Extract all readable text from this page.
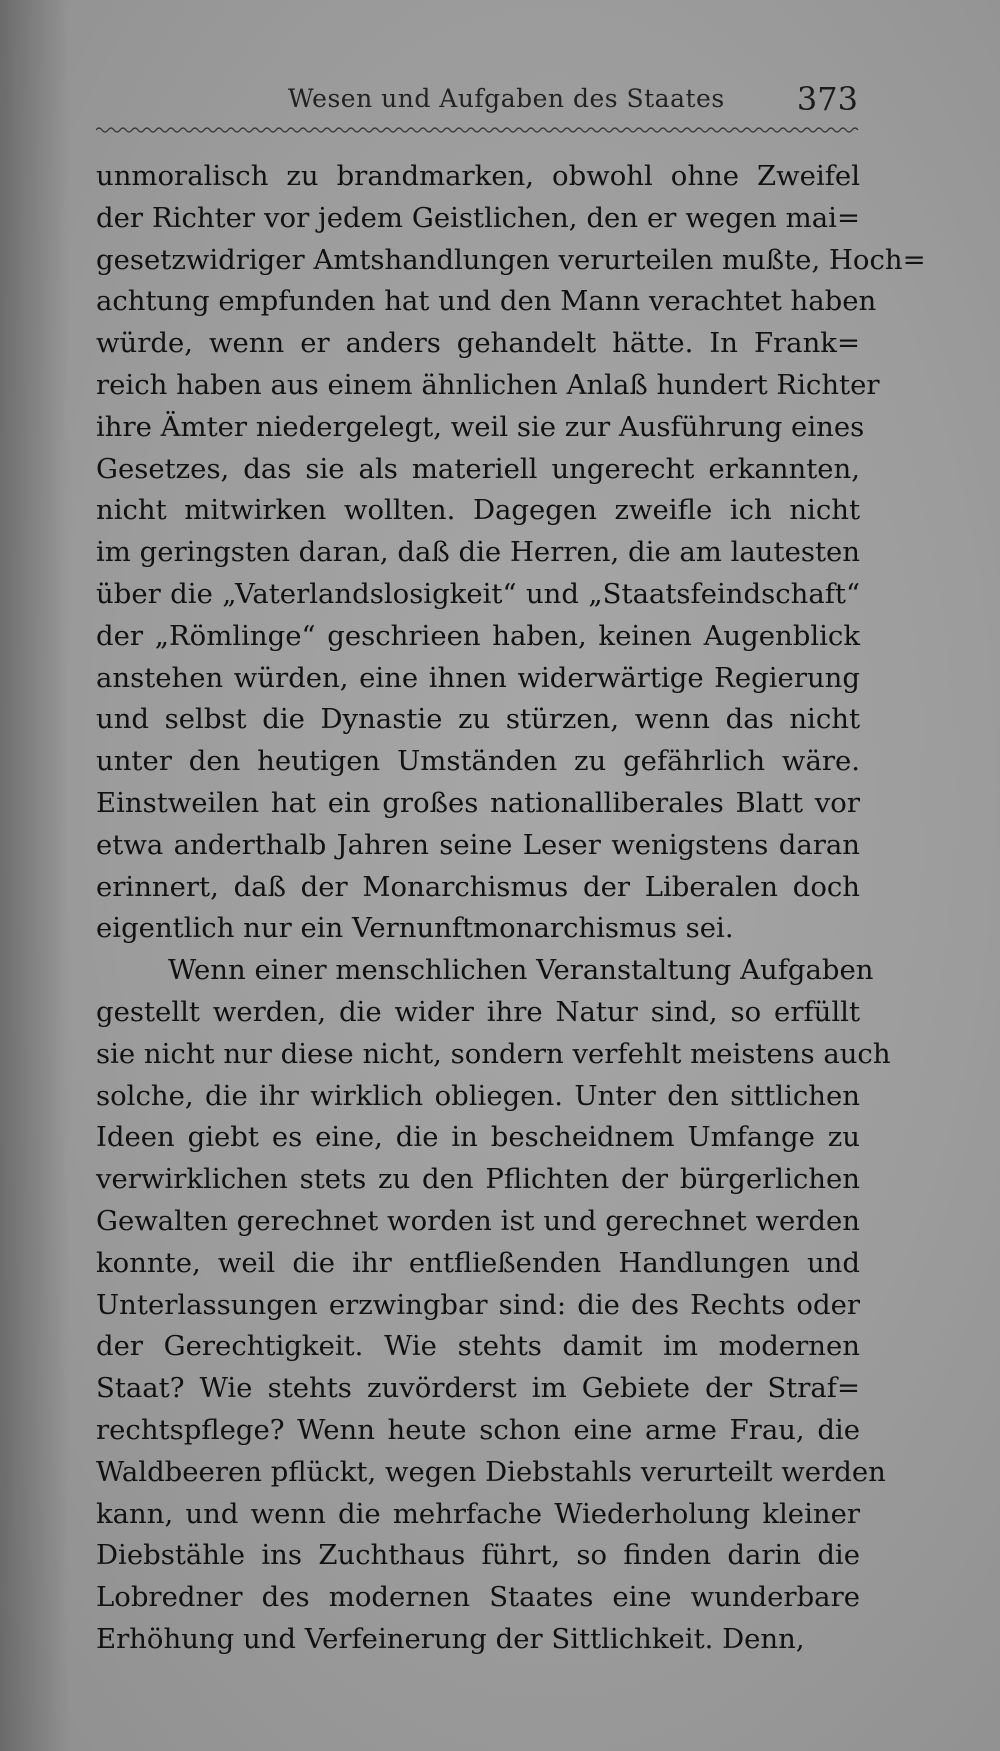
Wesen und Aufgaben des Staates 373
unmoralisch zu brandmarken, obwohl ohne Zweifel
der Richter vor jedem Geistlichen, den er wegen mai=
gesetzwidriger Amtshandlungen verurteilen mußte, Hoch=
achtung empfunden hat und den Mann verachtet haben
würde, wenn er anders gehandelt hätte. In Frank=
reich haben aus einem ähnlichen Anlaß hundert Richter
ihre Ämter niedergelegt, weil sie zur Ausführung eines
Gesetzes, das sie als materiell ungerecht erkannten,
nicht mitwirken wollten. Dagegen zweifle ich nicht
im geringsten daran, daß die Herren, die am lautesten
über die „Vaterlandslosigkeit“ und „Staatsfeindschaft“
der „Römlinge“ geschrieen haben, keinen Augenblick
anstehen würden, eine ihnen widerwärtige Regierung
und selbst die Dynastie zu stürzen, wenn das nicht
unter den heutigen Umständen zu gefährlich wäre.
Einstweilen hat ein großes nationalliberales Blatt vor
etwa anderthalb Jahren seine Leser wenigstens daran
erinnert, daß der Monarchismus der Liberalen doch
eigentlich nur ein Vernunftmonarchismus sei.
Wenn einer menschlichen Veranstaltung Aufgaben
gestellt werden, die wider ihre Natur sind, so erfüllt
sie nicht nur diese nicht, sondern verfehlt meistens auch
solche, die ihr wirklich obliegen. Unter den sittlichen
Ideen giebt es eine, die in bescheidnem Umfange zu
verwirklichen stets zu den Pflichten der bürgerlichen
Gewalten gerechnet worden ist und gerechnet werden
konnte, weil die ihr entfließenden Handlungen und
Unterlassungen erzwingbar sind: die des Rechts oder
der Gerechtigkeit. Wie stehts damit im modernen
Staat? Wie stehts zuvörderst im Gebiete der Straf=
rechtspflege? Wenn heute schon eine arme Frau, die
Waldbeeren pflückt, wegen Diebstahls verurteilt werden
kann, und wenn die mehrfache Wiederholung kleiner
Diebstähle ins Zuchthaus führt, so finden darin die
Lobredner des modernen Staates eine wunderbare
Erhöhung und Verfeinerung der Sittlichkeit. Denn,
